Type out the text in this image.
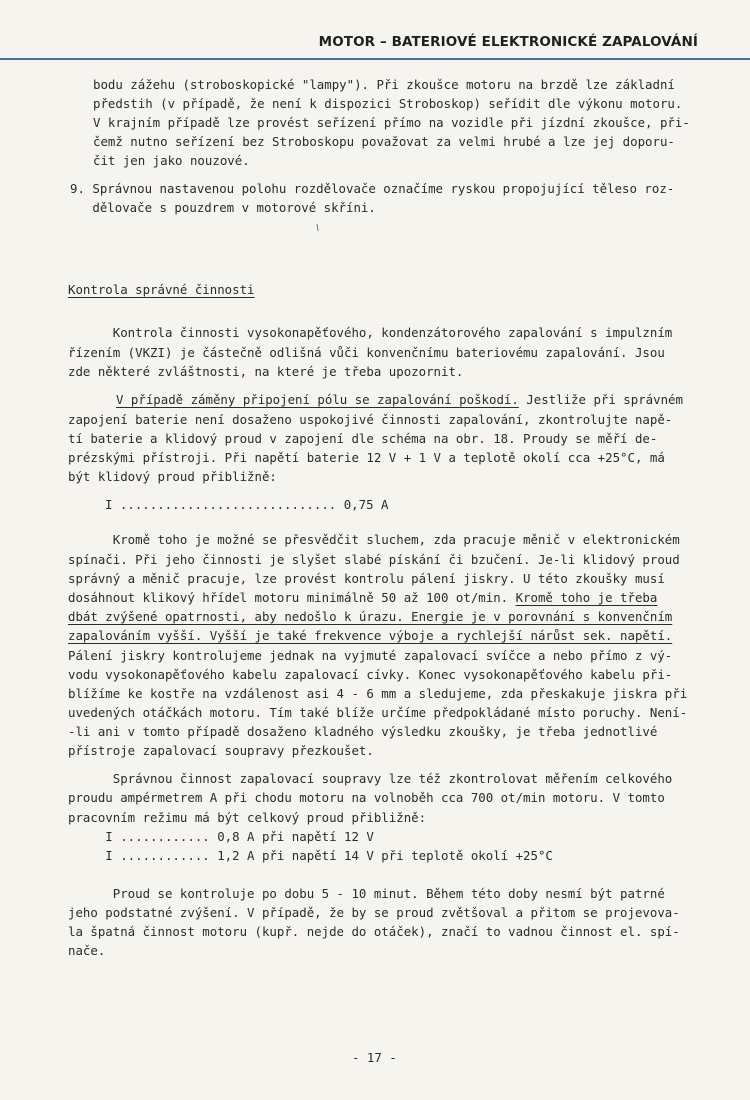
MOTOR – BATERIOVÉ ELEKTRONICKÉ ZAPALOVÁNÍ
bodu zážehu (stroboskopické "lampy"). Při zkoušce motoru na brzdě lze základní
předstih (v případě, že není k dispozici Stroboskop) seřídit dle výkonu motoru.
V krajním případě lze provést seřízení přímo na vozidle při jízdní zkoušce, při-
čemž nutno seřízení bez Stroboskopu považovat za velmi hrubé a lze jej doporu-
čit jen jako nouzové.
9. Správnou nastavenou polohu rozdělovače označíme ryskou propojující těleso roz-
dělovače s pouzdrem v motorové skříni.
Kontrola správné činnosti
Kontrola činnosti vysokonapěťového, kondenzátorového zapalování s impulzním
řízením (VKZI) je částečně odlišná vůči konvenčnímu bateriovému zapalování. Jsou
zde některé zvláštnosti, na které je třeba upozornit.
V případě záměny připojení pólu se zapalování poškodí. Jestliže při správném
zapojení baterie není dosaženo uspokojivé činnosti zapalování, zkontrolujte napě-
tí baterie a klidový proud v zapojení dle schéma na obr. 18. Proudy se měří de-
prézskými přístroji. Při napětí baterie 12 V + 1 V a teplotě okolí cca +25°C, má
být klidový proud přibližně:
I ............................. 0,75 A
Kromě toho je možné se přesvědčit sluchem, zda pracuje měnič v elektronickém
spínači. Při jeho činnosti je slyšet slabé pískání či bzučení. Je-li klidový proud
správný a měnič pracuje, lze provést kontrolu pálení jiskry. U této zkoušky musí
dosáhnout klikový hřídel motoru minimálně 50 až 100 ot/min. Kromě toho je třeba
dbát zvýšené opatrnosti, aby nedošlo k úrazu. Energie je v porovnání s konvenčním
zapalováním vyšší. Vyšší je také frekvence výboje a rychlejší nárůst sek. napětí.
Pálení jiskry kontrolujeme jednak na vyjmuté zapalovací svíčce a nebo přímo z vý-
vodu vysokonapěťového kabelu zapalovací cívky. Konec vysokonapěťového kabelu při-
blížíme ke kostře na vzdálenost asi 4 - 6 mm a sledujeme, zda přeskakuje jiskra při
uvedených otáčkách motoru. Tím také blíže určíme předpokládané místo poruchy. Není-
-li ani v tomto případě dosaženo kladného výsledku zkoušky, je třeba jednotlivé
přístroje zapalovací soupravy přezkoušet.
Správnou činnost zapalovací soupravy lze též zkontrolovat měřením celkového
proudu ampérmetrem A při chodu motoru na volnoběh cca 700 ot/min motoru. V tomto
pracovním režimu má být celkový proud přibližně:
I ............ 0,8 A při napětí 12 V
I ............ 1,2 A při napětí 14 V při teplotě okolí +25°C
Proud se kontroluje po dobu 5 - 10 minut. Během této doby nesmí být patrné
jeho podstatné zvýšení. V případě, že by se proud zvětšoval a přitom se projevova-
la špatná činnost motoru (kupř. nejde do otáček), značí to vadnou činnost el. spí-
nače.
- 17 -
